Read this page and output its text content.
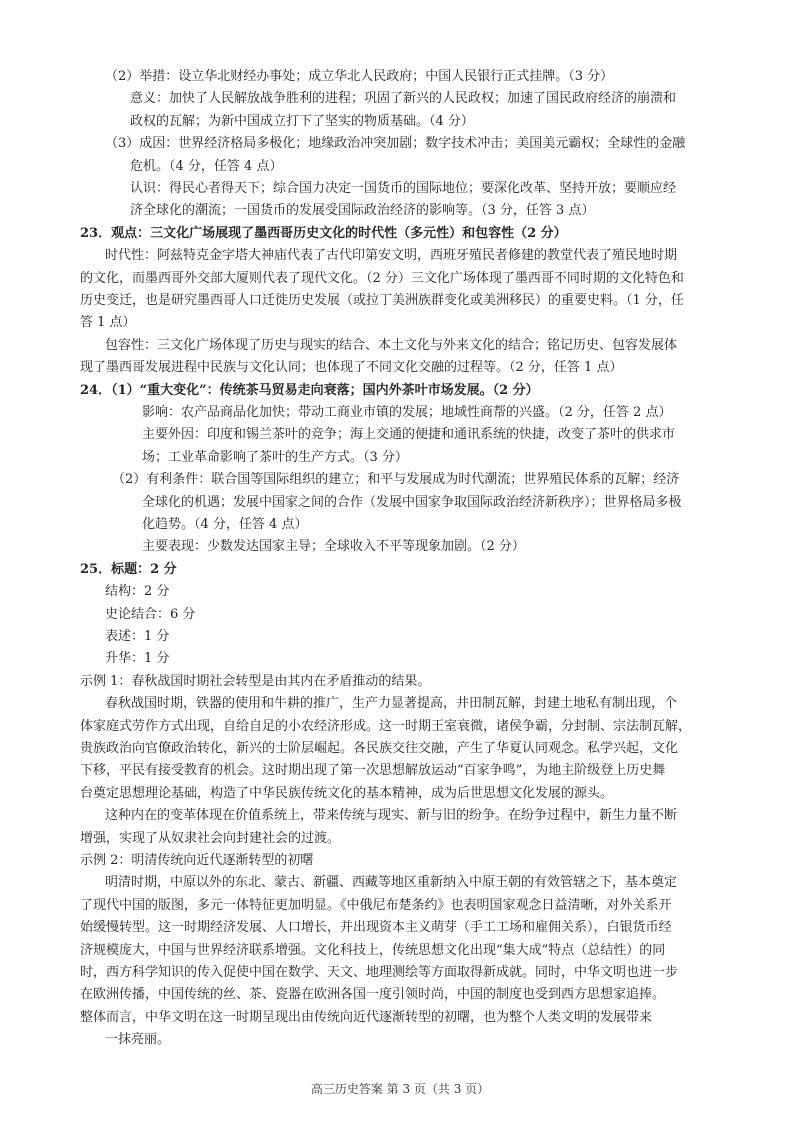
（2）举措：设立华北财经办事处；成立华北人民政府；中国人民银行正式挂牌。（3 分）
意义：加快了人民解放战争胜利的进程；巩固了新兴的人民政权；加速了国民政府经济的崩溃和
政权的瓦解；为新中国成立打下了坚实的物质基础。（4 分）
（3）成因：世界经济格局多极化；地缘政治冲突加剧；数字技术冲击；美国美元霸权；全球性的金融
危机。（4 分，任答 4 点）
认识：得民心者得天下；综合国力决定一国货币的国际地位；要深化改革、坚持开放；要顺应经
济全球化的潮流；一国货币的发展受国际政治经济的影响等。（3 分，任答 3 点）
23．观点：三文化广场展现了墨西哥历史文化的时代性（多元性）和包容性（2 分）
时代性：阿兹特克金字塔大神庙代表了古代印第安文明，西班牙殖民者修建的教堂代表了殖民地时期
的文化，而墨西哥外交部大厦则代表了现代文化。（2 分）三文化广场体现了墨西哥不同时期的文化特色和
历史变迁，也是研究墨西哥人口迁徙历史发展（或拉丁美洲族群变化或美洲移民）的重要史料。（1 分，任
答 1 点）
包容性：三文化广场体现了历史与现实的结合、本土文化与外来文化的结合；铭记历史、包容发展体
现了墨西哥发展进程中民族与文化认同；也体现了不同文化交融的过程等。（2 分，任答 1 点）
24．（1）“重大变化”：传统茶马贸易走向衰落；国内外茶叶市场发展。（2 分）
影响：农产品商品化加快；带动工商业市镇的发展；地域性商帮的兴盛。（2 分，任答 2 点）
主要外因：印度和锡兰茶叶的竞争；海上交通的便捷和通讯系统的快捷，改变了茶叶的供求市
场；工业革命影响了茶叶的生产方式。（3 分）
（2）有利条件：联合国等国际组织的建立；和平与发展成为时代潮流；世界殖民体系的瓦解；经济
全球化的机遇；发展中国家之间的合作（发展中国家争取国际政治经济新秩序）；世界格局多极
化趋势。（4 分，任答 4 点）
主要表现：少数发达国家主导；全球收入不平等现象加剧。（2 分）
25．标题：2 分
结构：2 分
史论结合：6 分
表述：1 分
升华：1 分
示例 1：春秋战国时期社会转型是由其内在矛盾推动的结果。
春秋战国时期，铁器的使用和牛耕的推广，生产力显著提高，井田制瓦解，封建土地私有制出现，个
体家庭式劳作方式出现，自给自足的小农经济形成。这一时期王室衰微，诸侯争霸，分封制、宗法制瓦解，
贵族政治向官僚政治转化，新兴的士阶层崛起。各民族交往交融，产生了华夏认同观念。私学兴起，文化
下移，平民有接受教育的机会。这时期出现了第一次思想解放运动“百家争鸣”，为地主阶级登上历史舞
台奠定思想理论基础，构造了中华民族传统文化的基本精神，成为后世思想文化发展的源头。
这种内在的变革体现在价值系统上，带来传统与现实、新与旧的纷争。在纷争过程中，新生力量不断
增强，实现了从奴隶社会向封建社会的过渡。
示例 2：明清传统向近代逐渐转型的初曙
明清时期，中原以外的东北、蒙古、新疆、西藏等地区重新纳入中原王朝的有效管辖之下，基本奠定
了现代中国的版图，多元一体特征更加明显。《中俄尼布楚条约》也表明国家观念日益清晰，对外关系开
始缓慢转型。这一时期经济发展、人口增长，并出现资本主义萌芽（手工工场和雇佣关系），白银货币经
济规模庞大，中国与世界经济联系增强。文化科技上，传统思想文化出现“集大成”特点（总结性）的同
时，西方科学知识的传入促使中国在数学、天文、地理测绘等方面取得新成就。同时，中华文明也进一步
在欧洲传播，中国传统的丝、茶、瓷器在欧洲各国一度引领时尚，中国的制度也受到西方思想家追捧。
整体而言，中华文明在这一时期呈现出由传统向近代逐渐转型的初曙，也为整个人类文明的发展带来
一抹亮丽。
高三历史答案 第 3 页（共 3 页）
